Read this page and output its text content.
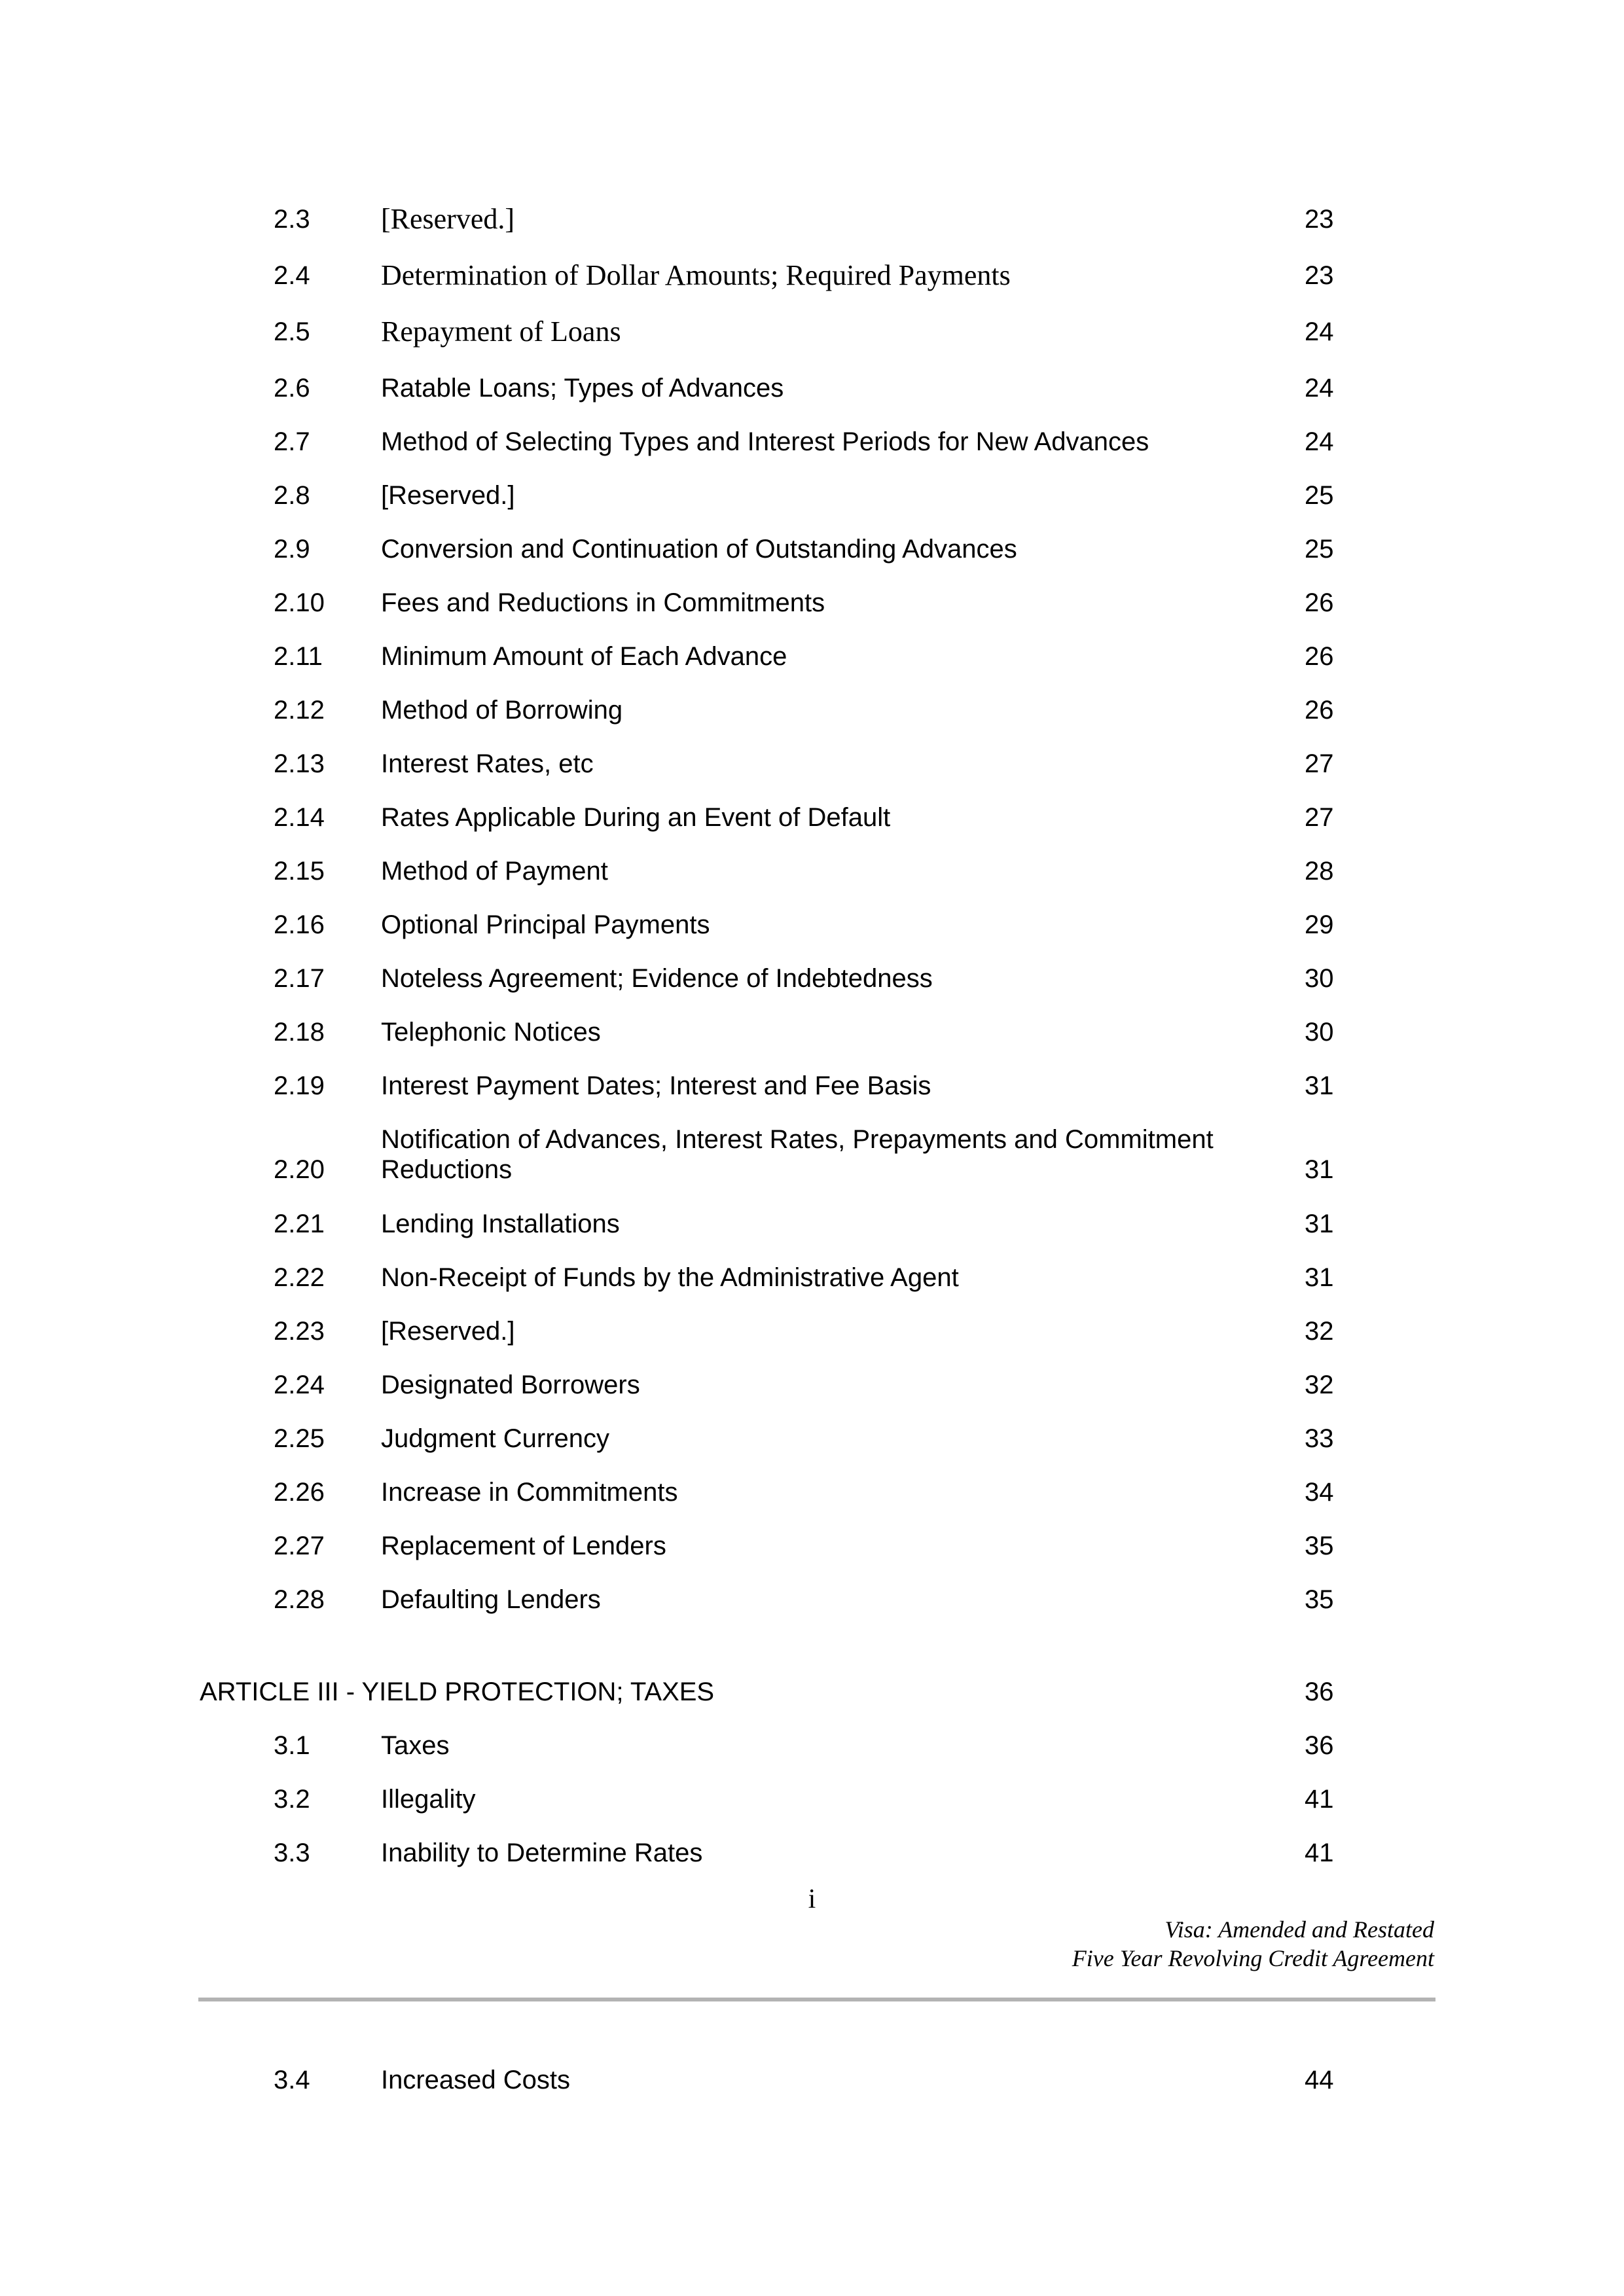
2.3 [Reserved.]	23
2.4 Determination of Dollar Amounts; Required Payments	23
2.5 Repayment of Loans	24
2.6	Ratable Loans; Types of Advances	24
2.7	Method of Selecting Types and Interest Periods for New Advances	24
2.8	[Reserved.]	25
2.9	Conversion and Continuation of Outstanding Advances	25
2.10 Fees and Reductions in Commitments	26
2.11 Minimum Amount of Each Advance	26
2.12 Method of Borrowing	26
2.13 Interest Rates, etc	27
2.14 Rates Applicable During an Event of Default	27
2.15 Method of Payment	28
2.16 Optional Principal Payments	29
2.17 Noteless Agreement; Evidence of Indebtedness	30
2.18 Telephonic Notices	30
2.19 Interest Payment Dates; Interest and Fee Basis	31
2.20
Notification of Advances, Interest Rates, Prepayments and Commitment
Reductions	31
2.21 Lending Installations	31
2.22 Non-Receipt of Funds by the Administrative Agent	31
2.23 [Reserved.]	32
2.24 Designated Borrowers	32
2.25 Judgment Currency	33
2.26 Increase in Commitments	34
2.27 Replacement of Lenders	35
2.28 Defaulting Lenders	35
ARTICLE III - YIELD PROTECTION; TAXES	36
3.1	Taxes	36
3.2	Illegality	41
3.3	Inability to Determine Rates	41
i
Visa: Amended and Restated
Five Year Revolving Credit Agreement
3.4	Increased Costs	44
